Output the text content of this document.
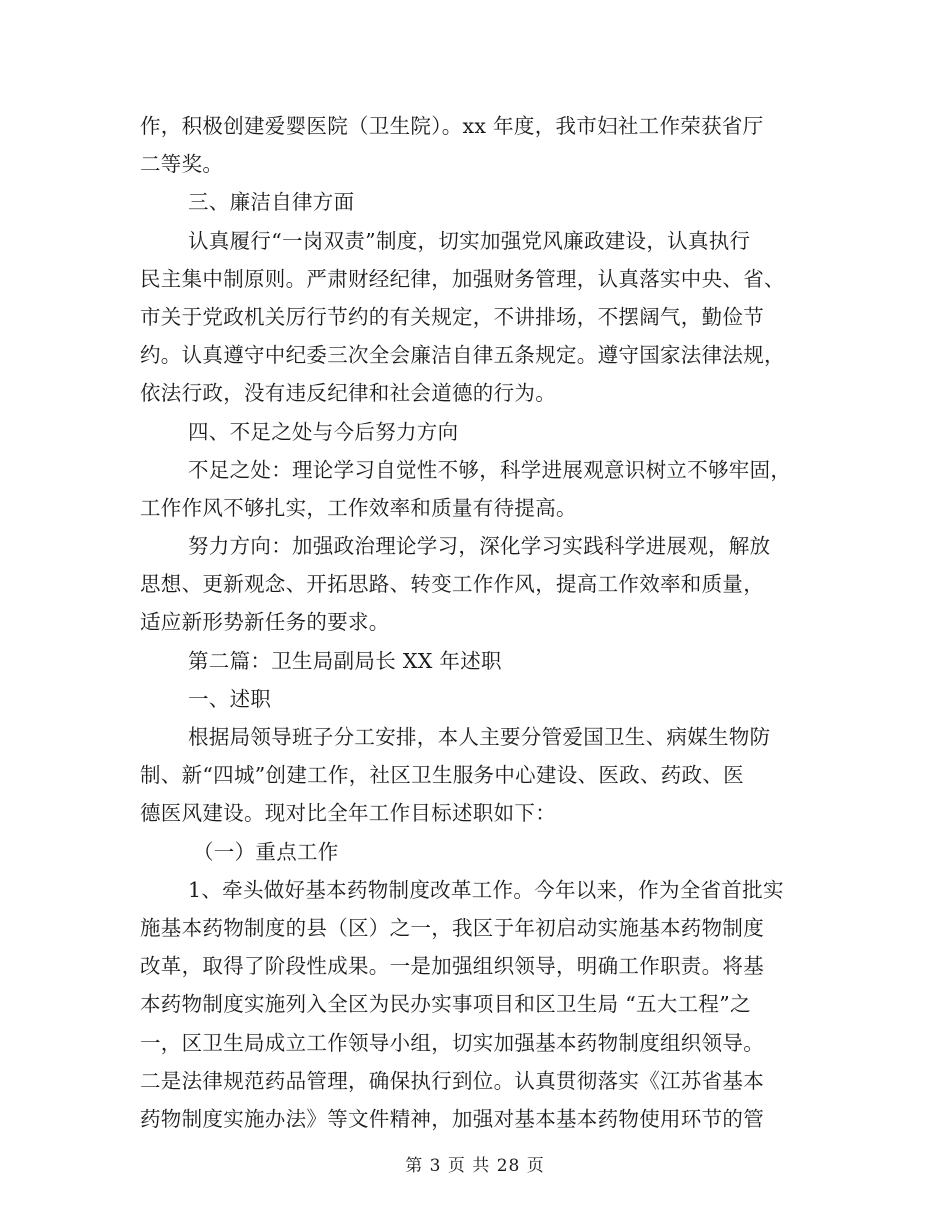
作，积极创建爱婴医院（卫生院）。xx 年度，我市妇社工作荣获省厅
二等奖。
三、廉洁自律方面
认真履行“一岗双责”制度，切实加强党风廉政建设，认真执行
民主集中制原则。严肃财经纪律，加强财务管理，认真落实中央、省、
市关于党政机关厉行节约的有关规定，不讲排场，不摆阔气，勤俭节
约。认真遵守中纪委三次全会廉洁自律五条规定。遵守国家法律法规，
依法行政，没有违反纪律和社会道德的行为。
四、不足之处与今后努力方向
不足之处：理论学习自觉性不够，科学进展观意识树立不够牢固，
工作作风不够扎实，工作效率和质量有待提高。
努力方向：加强政治理论学习，深化学习实践科学进展观，解放
思想、更新观念、开拓思路、转变工作作风，提高工作效率和质量，
适应新形势新任务的要求。
第二篇：卫生局副局长 XX 年述职
一、述职
根据局领导班子分工安排，本人主要分管爱国卫生、病媒生物防
制、新“四城”创建工作，社区卫生服务中心建设、医政、药政、医
德医风建设。现对比全年工作目标述职如下：
（一）重点工作
1、牵头做好基本药物制度改革工作。今年以来，作为全省首批实
施基本药物制度的县（区）之一，我区于年初启动实施基本药物制度
改革，取得了阶段性成果。一是加强组织领导，明确工作职责。将基
本药物制度实施列入全区为民办实事项目和区卫生局 “五大工程”之
一，区卫生局成立工作领导小组，切实加强基本药物制度组织领导。
二是法律规范药品管理，确保执行到位。认真贯彻落实《江苏省基本
药物制度实施办法》等文件精神，加强对基本基本药物使用环节的管
第 3 页 共 28 页
